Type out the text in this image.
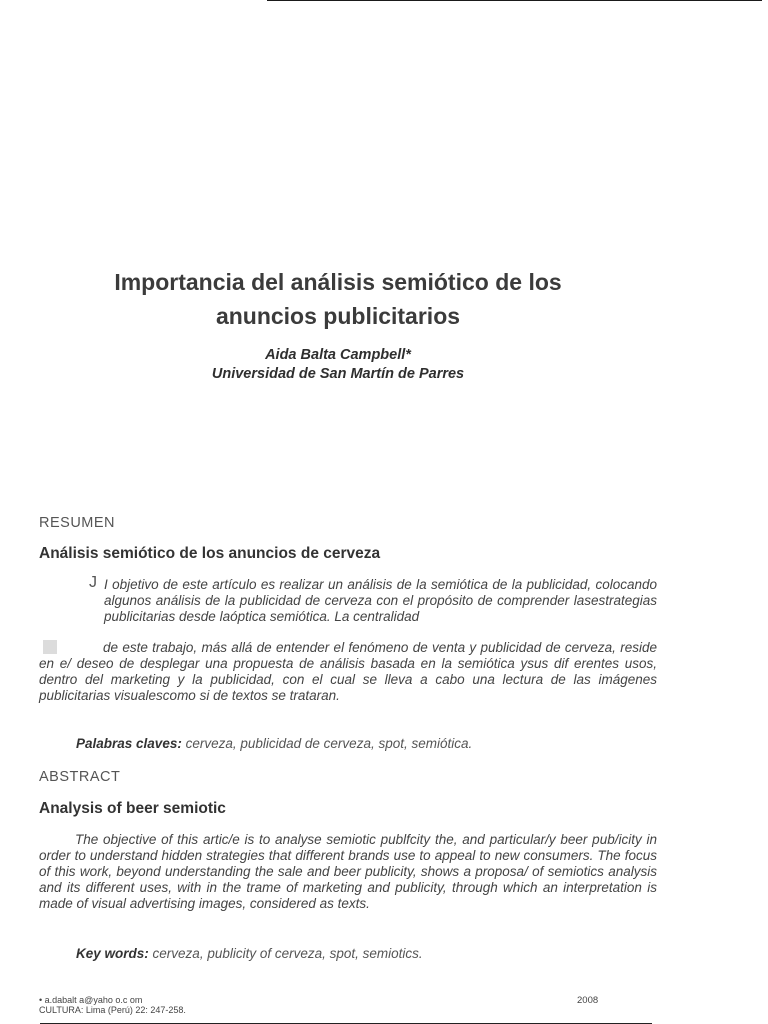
Importancia del análisis semiótico de los
anuncios publicitarios
Aida Balta Campbell*
Universidad de San Martín de Parres
RESUMEN
Análisis semiótico de los anuncios de cerveza
J I objetivo de este artículo es realizar un análisis de la semiótica de la publicidad, colocando algunos análisis de la publicidad de cerveza con el propósito de comprender lasestrategias publicitarias desde laóptica semiótica. La centralidad
de este trabajo, más allá de entender el fenómeno de venta y publicidad de cerveza, reside en e/ deseo de desplegar una propuesta de análisis basada en la semiótica ysus dif erentes usos, dentro del marketing y la publicidad, con el cual se lleva a cabo una lectura de las imágenes publicitarias visualescomo si de textos se trataran.
Palabras claves: cerveza, publicidad de cerveza, spot, semiótica.
ABSTRACT
Analysis of beer semiotic
The objective of this artic/e is to analyse semiotic publfcity the, and particular/y beer pub/icity in order to understand hidden strategies that different brands use to appeal to new consumers. The focus of this work, beyond understanding the sale and beer publicity, shows a proposa/ of semiotics analysis and its different uses, with in the trame of marketing and publicity, through which an interpretation is made of visual advertising images, considered as texts.
Key words: cerveza, publicity of cerveza, spot, semiotics.
• a.dabalt a@yaho o.c om
CULTURA: Lima (Perú) 22: 247-258.
2008
